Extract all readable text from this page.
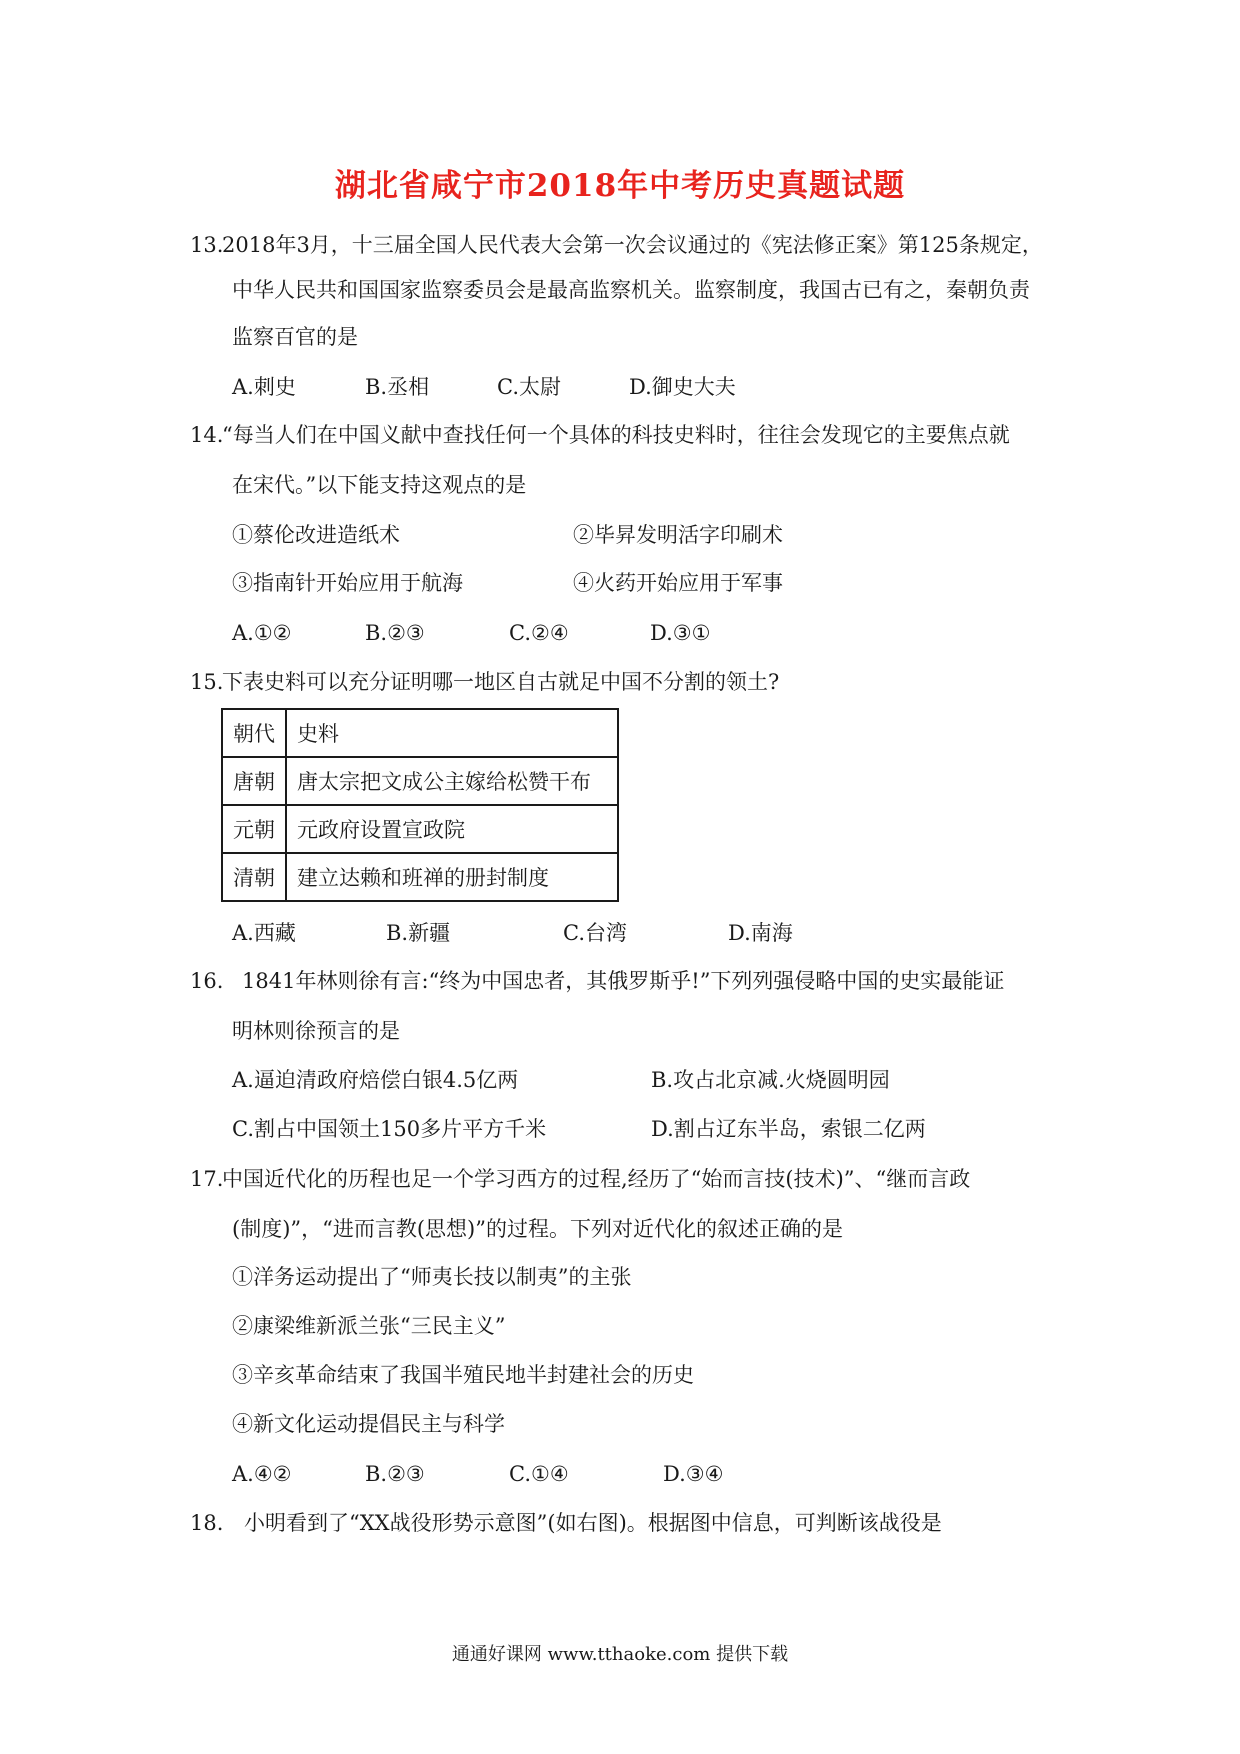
湖北省咸宁市2018年中考历史真题试题
13.
2018年3月，十三届全国人民代表大会第一次会议通过的《宪法修正案》第125条规定，
中华人民共和国国家监察委员会是最高监察机关。监察制度，我国古已有之，秦朝负责
监察百官的是
A.刺史	B.丞相	C.太尉	D.御史大夫
14.
“每当人们在中国义献中查找任何一个具体的科技史料时，往往会发现它的主要焦点就
在宋代。”以下能支持这观点的是
①蔡伦改进造纸术	②毕昇发明活字印刷术
③指南针开始应用于航海	④火药开始应用于军事
A.①②	B.②③	C.②④	D.③①
15.
下表史料可以充分证明哪一地区自古就足中国不分割的领土?
朝代	史料
唐朝	唐太宗把文成公主嫁给松赞干布
元朝	元政府设置宣政院
清朝	建立达赖和班禅的册封制度
A.西藏	B.新疆	C.台湾	D.南海
16. 1841年林则徐有言:“终为中国忠者，其俄罗斯乎!”下列列强侵略中国的史实最能证
明林则徐预言的是
A.逼迫清政府焙偿白银4.5亿两	B.攻占北京减.火烧圆明园
C.割占中国领土150多片平方千米	D.割占辽东半岛，索银二亿两
17.
中国近代化的历程也足一个学习西方的过程,经历了“始而言技(技术)”、“继而言政
(制度)”，“进而言教(思想)”的过程。下列对近代化的叙述正确的是
①洋务运动提出了“师夷长技以制夷”的主张
②康梁维新派兰张“三民主义”
③辛亥革命结束了我国半殖民地半封建社会的历史
④新文化运动提倡民主与科学
A.④②	B.②③	C.①④	D.③④
18. 小明看到了“XX战役形势示意图”(如右图)。根据图中信息，可判断该战役是
通通好课网 www.tthaoke.com 提供下载
